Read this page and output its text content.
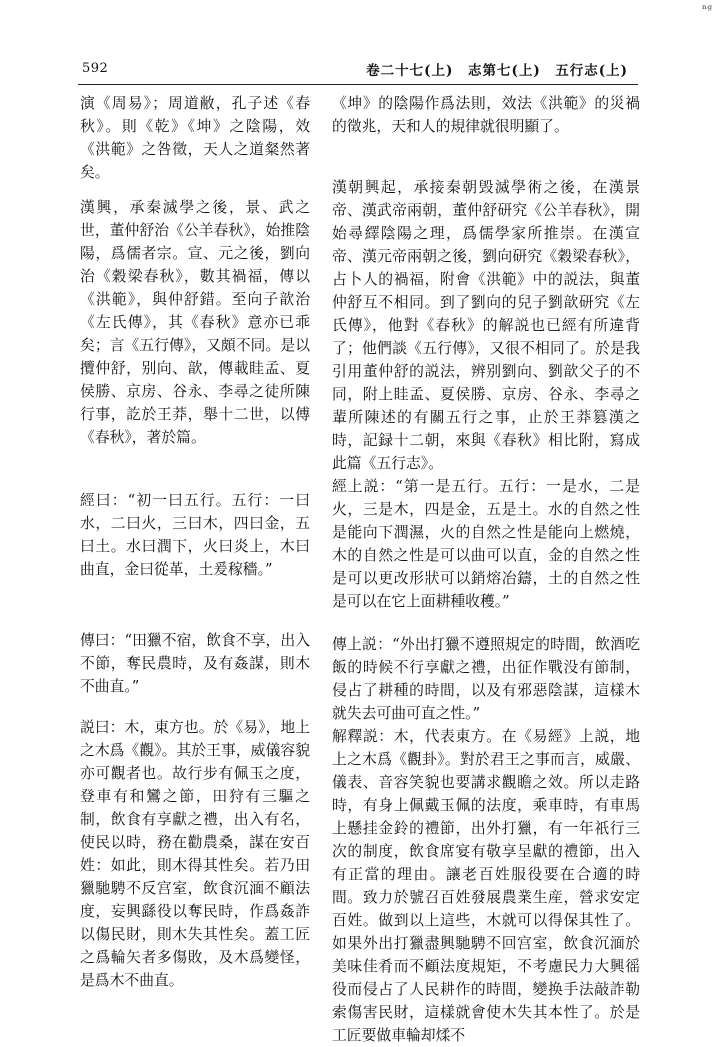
592	卷二十七(上)　志第七(上)　五行志(上)
ⁿᵍ

演《周易》；周道敝，孔子述《春秋》。則《乾》《坤》之陰陽，效《洪範》之咎徵，天人之道粲然著矣。

漢興，承秦滅學之後，景、武之世，董仲舒治《公羊春秋》，始推陰陽，爲儒者宗。宣、元之後，劉向治《穀梁春秋》，數其禍福，傳以《洪範》，與仲舒錯。至向子歆治《左氏傳》，其《春秋》意亦已乖矣；言《五行傳》，又頗不同。是以攬仲舒，别向、歆，傳載眭孟、夏侯勝、京房、谷永、李尋之徒所陳行事，訖於王莽，舉十二世，以傅《春秋》，著於篇。

經曰：“初一曰五行。五行：一曰水，二曰火，三曰木，四曰金，五曰土。水曰潤下，火曰炎上，木曰曲直，金曰從革，土爰稼穡。”

傳曰：“田獵不宿，飲食不享，出入不節，奪民農時，及有姦謀，則木不曲直。”

説曰：木，東方也。於《易》，地上之木爲《觀》。其於王事，威儀容貌亦可觀者也。故行步有佩玉之度，登車有和鸞之節，田狩有三驅之制，飲食有享獻之禮，出入有名，使民以時，務在勸農桑，謀在安百姓：如此，則木得其性矣。若乃田獵馳騁不反宫室，飲食沉湎不顧法度，妄興繇役以奪民時，作爲姦詐以傷民財，則木失其性矣。蓋工匠之爲輪矢者多傷敗，及木爲變怪，是爲木不曲直。

《坤》的陰陽作爲法則，效法《洪範》的災禍的徵兆，天和人的規律就很明顯了。

漢朝興起，承接秦朝毁滅學術之後，在漢景帝、漢武帝兩朝，董仲舒研究《公羊春秋》，開始尋繹陰陽之理，爲儒學家所推崇。在漢宣帝、漢元帝兩朝之後，劉向研究《穀梁春秋》，占卜人的禍福，附會《洪範》中的説法，與董仲舒互不相同。到了劉向的兒子劉歆研究《左氏傳》，他對《春秋》的解説也已經有所違背了；他們談《五行傳》，又很不相同了。於是我引用董仲舒的説法，辨别劉向、劉歆父子的不同，附上眭孟、夏侯勝、京房、谷永、李尋之輩所陳述的有關五行之事，止於王莽篡漢之時，記録十二朝，來與《春秋》相比附，寫成此篇《五行志》。

經上説：“第一是五行。五行：一是水，二是火，三是木，四是金，五是土。水的自然之性是能向下潤濕，火的自然之性是能向上燃燒，木的自然之性是可以曲可以直，金的自然之性是可以更改形狀可以銷熔冶鑄，土的自然之性是可以在它上面耕種收穫。”

傳上説：“外出打獵不遵照規定的時間，飲酒吃飯的時候不行享獻之禮，出征作戰没有節制，侵占了耕種的時間，以及有邪惡陰謀，這樣木就失去可曲可直之性。”

解釋説：木，代表東方。在《易經》上説，地上之木爲《觀卦》。對於君王之事而言，威嚴、儀表、音容笑貌也要講求觀瞻之效。所以走路時，有身上佩戴玉佩的法度，乘車時，有車馬上懸挂金鈴的禮節，出外打獵，有一年祇行三次的制度，飲食席宴有敬享呈獻的禮節，出入有正當的理由。讓老百姓服役要在合適的時間。致力於號召百姓發展農業生産，營求安定百姓。做到以上這些，木就可以得保其性了。如果外出打獵盡興馳騁不回宫室，飲食沉湎於美味佳肴而不顧法度規矩，不考慮民力大興徭役而侵占了人民耕作的時間，變换手法敲詐勒索傷害民財，這樣就會使木失其本性了。於是工匠要做車輪却煣不
